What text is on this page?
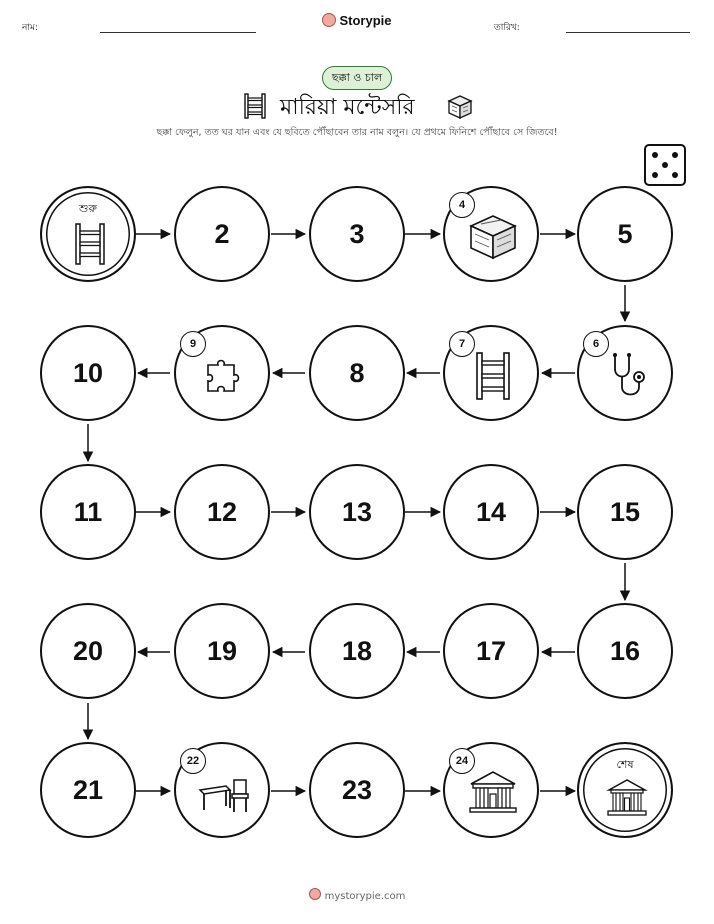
নাম:	Storypie	তারিখ:
ছক্কা ও চাল
মারিয়া মন্টেসরি
ছক্কা ফেলুন, তত ঘর যান এবং যে ছবিতে পৌঁছাবেন তার নাম বলুন। যে প্রথমে ফিনিশে পৌঁছাবে সে জিতবে!
শুরু
2	3
4
5
10
9
8
7	6
11	12	13	14	15
20	19	18	17	16
21
22
23
24	শেষ
mystorypie.com
